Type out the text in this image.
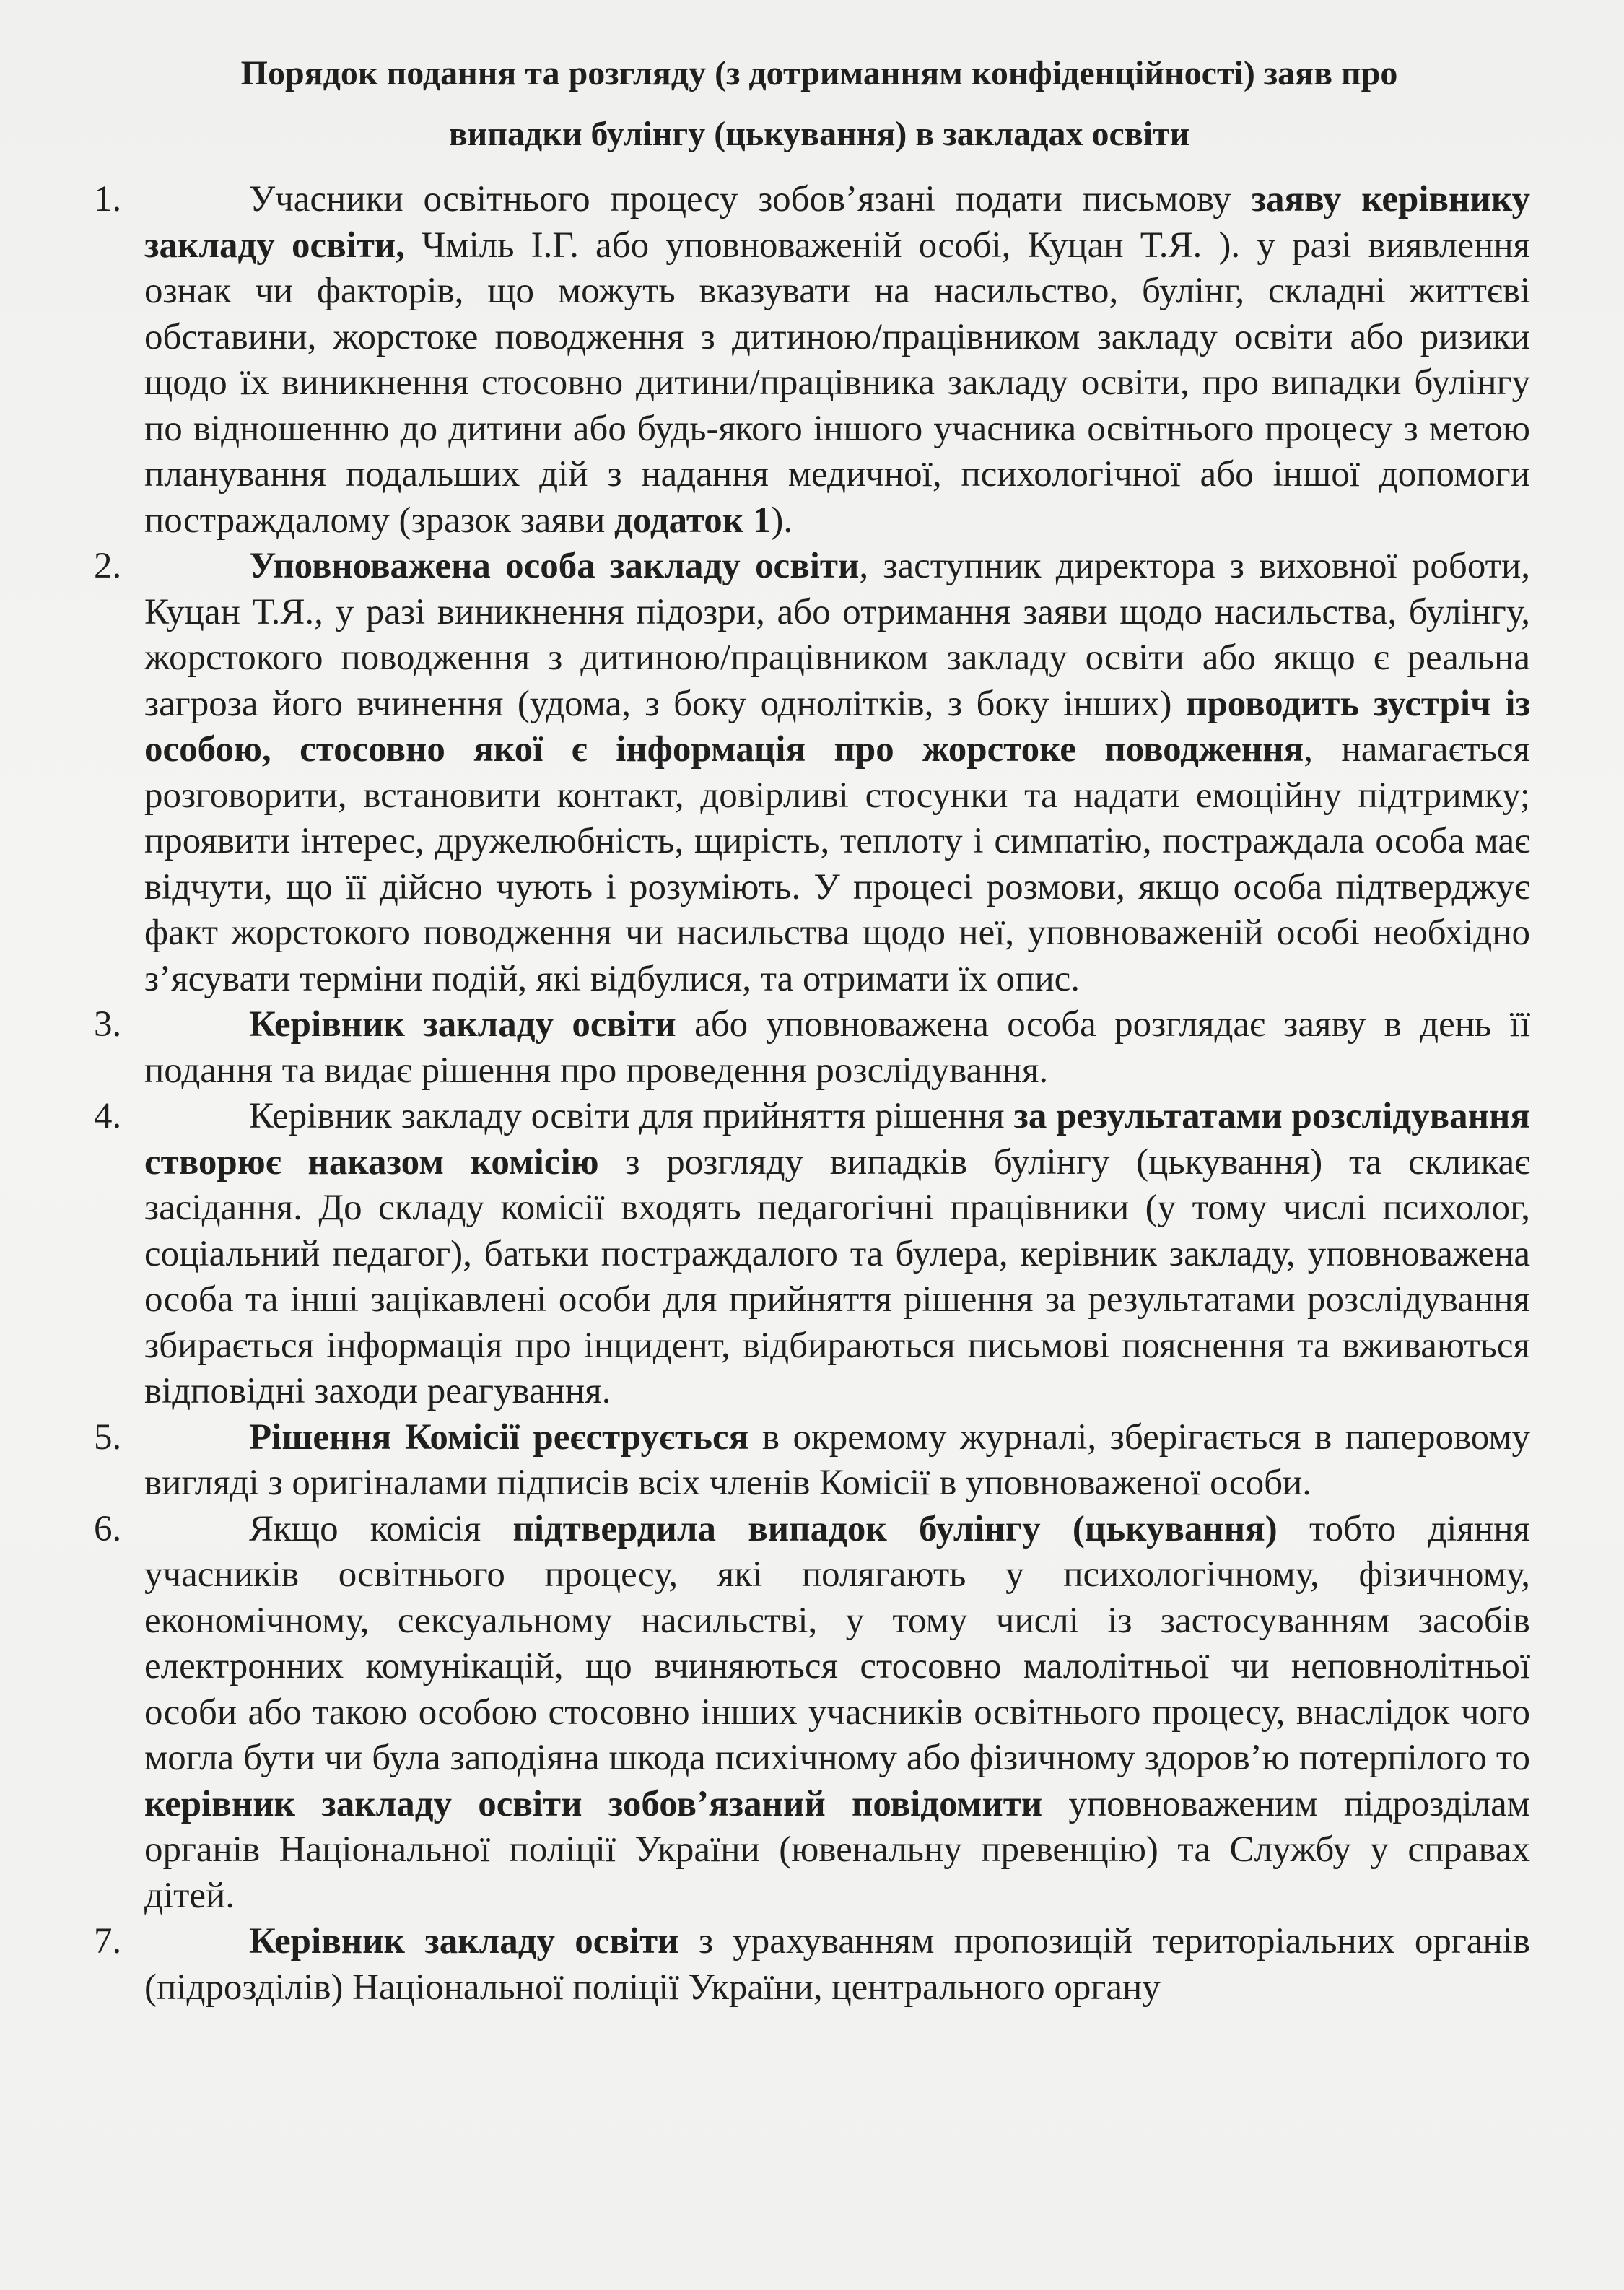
Порядок подання та розгляду (з дотриманням конфіденційності) заяв про
випадки булінгу (цькування) в закладах освіти
1.	Учасники освітнього процесу зобов’язані подати письмову заяву керівнику закладу освіти, Чміль І.Г. або уповноваженій особі, Куцан Т.Я. ). у разі виявлення ознак чи факторів, що можуть вказувати на насильство, булінг, складні життєві обставини, жорстоке поводження з дитиною/працівником закладу освіти або ризики щодо їх виникнення стосовно дитини/працівника закладу освіти, про випадки булінгу по відношенню до дитини або будь-якого іншого учасника освітнього процесу з метою планування подальших дій з надання медичної, психологічної або іншої допомоги постраждалому (зразок заяви додаток 1).
2.	Уповноважена особа закладу освіти, заступник директора з виховної роботи, Куцан Т.Я., у разі виникнення підозри, або отримання заяви щодо насильства, булінгу, жорстокого поводження з дитиною/працівником закладу освіти або якщо є реальна загроза його вчинення (удома, з боку однолітків, з боку інших) проводить зустріч із особою, стосовно якої є інформація про жорстоке поводження, намагається розговорити, встановити контакт, довірливі стосунки та надати емоційну підтримку; проявити інтерес, дружелюбність, щирість, теплоту і симпатію, постраждала особа має відчути, що її дійсно чують і розуміють. У процесі розмови, якщо особа підтверджує факт жорстокого поводження чи насильства щодо неї, уповноваженій особі необхідно з’ясувати терміни подій, які відбулися, та отримати їх опис.
3.	Керівник закладу освіти або уповноважена особа розглядає заяву в день її подання та видає рішення про проведення розслідування.
4.	Керівник закладу освіти для прийняття рішення за результатами розслідування створює наказом комісію з розгляду випадків булінгу (цькування) та скликає засідання. До складу комісії входять педагогічні працівники (у тому числі психолог, соціальний педагог), батьки постраждалого та булера, керівник закладу, уповноважена особа та інші зацікавлені особи для прийняття рішення за результатами розслідування збирається інформація про інцидент, відбираються письмові пояснення та вживаються відповідні заходи реагування.
5.	Рішення Комісії реєструється в окремому журналі, зберігається в паперовому вигляді з оригіналами підписів всіх членів Комісії в уповноваженої особи.
6.	Якщо комісія підтвердила випадок булінгу (цькування) тобто діяння учасників освітнього процесу, які полягають у психологічному, фізичному, економічному, сексуальному насильстві, у тому числі із застосуванням засобів електронних комунікацій, що вчиняються стосовно малолітньої чи неповнолітньої особи або такою особою стосовно інших учасників освітнього процесу, внаслідок чого могла бути чи була заподіяна шкода психічному або фізичному здоров’ю потерпілого то керівник закладу освіти зобов’язаний повідомити уповноваженим підрозділам органів Національної поліції України (ювенальну превенцію) та Службу у справах дітей.
7.	Керівник закладу освіти з урахуванням пропозицій територіальних органів (підрозділів) Національної поліції України, центрального органу
